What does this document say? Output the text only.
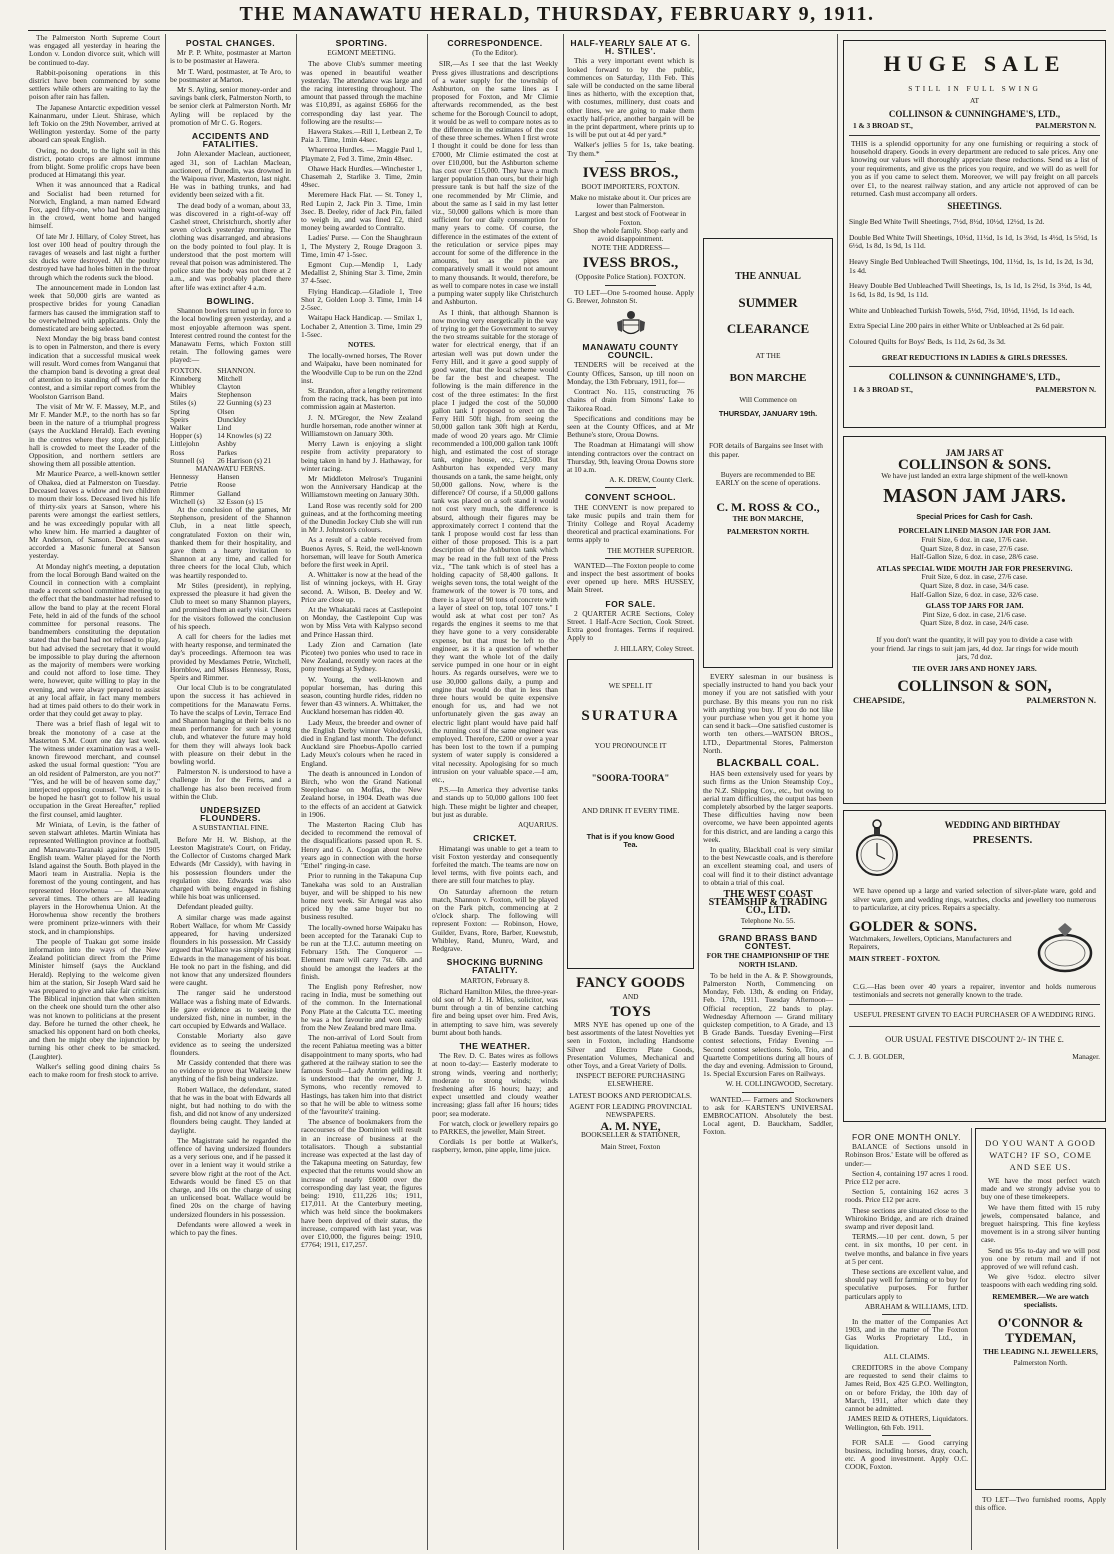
THE MANAWATU HERALD, THURSDAY, FEBRUARY 9, 1911.

The Palmerston North Supreme Court was engaged all yesterday in hearing the London v. London divorce suit, which will be continued to-day.

Rabbit-poisoning operations in this district have been commenced by some settlers while others are waiting to lay the poison after rain has fallen.

The Japanese Antarctic expedition vessel Kainanmaru, under Lieut. Shirase, which left Tokio on the 29th November, arrived at Wellington yesterday. Some of the party aboard can speak English.

Owing, no doubt, to the light soil in this district, potato crops are almost immune from blight. Some prolific crops have been produced at Himatangi this year.

When it was announced that a Radical and Socialist had been returned for Norwich, England, a man named Edward Fox, aged fifty-one, who had been waiting in the crowd, went home and hanged himself.

Of late Mr J. Hillary, of Coley Street, has lost over 100 head of poultry through the ravages of weasels and last night a further six ducks were destroyed. All the poultry destroyed have had holes bitten in the throat through which the rodents suck the blood.

The announcement made in London last week that 50,000 girls are wanted as prospective brides for young Canadian farmers has caused the immigration staff to be overwhelmed with applicants. Only the domesticated are being selected.

Next Monday the big brass band contest is to open in Palmerston, and there is every indication that a successful musical week will result. Word comes from Wanganui that the champion band is devoting a great deal of attention to its standing off work for the contest, and a similar report comes from the Woolston Garrison Band.

The visit of Mr W. F. Massey, M.P., and Mr F. Mander M.P., to the north has so far been in the nature of a triumphal progress (says the Auckland Herald). Each evening in the centres where they stop, the public hall is crowded to meet the Leader of the Opposition, and northern settlers are showing them all possible attention.

Mr Maurice Pearce, a well-known settler of Ohakea, died at Palmerston on Tuesday. Deceased leaves a widow and two children to mourn their loss. Deceased lived his life of thirty-six years at Sanson, where his parents were amongst the earliest settlers, and he was exceedingly popular with all who knew him. He married a daughter of Mr Anderson, of Sanson. Deceased was accorded a Masonic funeral at Sanson yesterday.

At Monday night's meeting, a deputation from the local Borough Band waited on the Council in connection with a complaint made a recent school committee meeting to the effect that the bandmaster had refused to allow the band to play at the recent Floral Fete, held in aid of the funds of the school committee for personal reasons. The bandmembers constituting the deputation stated that the band had not refused to play, but had advised the secretary that it would be impossible to play during the afternoon as the majority of members were working and could not afford to lose time. They were, however, quite willing to play in the evening, and were alway prepared to assist at any local affair, in fact many members had at times paid others to do their work in order that they could get away to play.

There was a brief flash of legal wit to break the monotony of a case at the Masterton S.M. Court one day last week. The witness under examination was a well-known firewood merchant, and counsel asked the usual formal question: "You are an old resident of Palmerston, are you not?" "Yes, and he will be of heaven some day," interjected opposing counsel. "Well, it is to be hoped he hasn't got to follow his usual occupation in the Great Hereafter," replied the first counsel, amid laughter.

Mr Winiata, of Levin, is the father of seven stalwart athletes. Martin Winiata has represented Wellington province at football, and Manawatu-Taranaki against the 1905 English team. Walter played for the North Island against the South. Both played in the Maori team in Australia. Nepia is the foremost of the young contingent, and has represented Horowhenua — Manawatu several times. The others are all leading players in the Horowhenua Union. At the Horowhenua show recently the brothers were prominent prize-winners with their stock, and in championships.

The people of Tuakau got some inside information into the ways of the New Zealand politician direct from the Prime Minister himself (says the Auckland Herald). Replying to the welcome given him at the station, Sir Joseph Ward said he was prepared to give and take fair criticism. The Biblical injunction that when smitten on the cheek one should turn the other also was not known to politicians at the present day. Before he turned the other cheek, he smacked his opponent hard on both cheeks, and then he might obey the injunction by turning his other cheek to be smacked. (Laughter).

Walker's selling good dining chairs 5s each to make room for fresh stock to arrive.

POSTAL CHANGES.

Mr P. P. White, postmaster at Marton is to be postmaster at Hawera.

Mr T. Ward, postmaster, at Te Aro, to be postmaster at Marton.

Mr S. Ayling, senior money-order and savings bank clerk, Palmerston North, to be senior clerk at Palmerston North. Mr Ayling will be replaced by the promotion of Mr C. G. Rogers.

ACCIDENTS AND FATALITIES.

John Alexander Maclean, auctioneer, aged 31, son of Lachlan Maclean, auctioneer, of Dunedin, was drowned in the Waipoua river, Masterton, last night. He was in bathing trunks, and had evidently been seized with a fit.

The dead body of a woman, about 33, was discovered in a right-of-way off Cashel street, Christchurch, shortly after seven o'clock yesterday morning. The clothing was disarranged, and abrasions on the body pointed to foul play. It is understood that the post mortem will reveal that poison was administered. The police state the body was not there at 2 a.m., and was probably placed there after life was extinct after 4 a.m.

BOWLING.

Shannon bowlers turned up in force to the local bowling green yesterday, and a most enjoyable afternoon was spent. Interest centred round the contest for the Manawatu Ferns, which Foxton still retain. The following games were played:—

FOXTON.	SHANNON.
Kinneberg	Mitchell
Whibley	Clayton
Mairs	Stephenson
Stiles (s)	22 Gunning (s) 23
Spring	Olsen
Speirs	Dunckley
Walker	Lind
Hopper (s)	14 Knowles (s) 22
Littlejohn	Ashby
Ross	Parkes
Stunnell (s)	26 Harrison (s) 21
MANAWATU FERNS.	
Hennessy	Hansen
Petrie	Roose
Rimmer	Galland
Witchell (s)	32 Esson (s) 15

At the conclusion of the games, Mr Stephenson, president of the Shannon Club, in a neat little speech, congratulated Foxton on their win, thanked them for their hospitality, and gave them a hearty invitation to Shannon at any time, and called for three cheers for the local Club, which was heartily responded to.

Mr Stiles (president), in replying, expressed the pleasure it had given the Club to meet so many Shannon players, and promised them an early visit. Cheers for the visitors followed the conclusion of his speech.

A call for cheers for the ladies met with hearty response, and terminated the day's proceedings. Afternoon tea was provided by Mesdames Petrie, Witchell, Hornblow, and Misses Hennessy, Ross, Speirs and Rimmer.

Our local Club is to be congratulated upon the success it has achieved in competitions for the Manawatu Ferns. To have the scalps of Levin, Terrace End and Shannon hanging at their belts is no mean performance for such a young club, and whatever the future may hold for them they will always look back with pleasure on their debut in the bowling world.

Palmerston N. is understood to have a challenge in for the Ferns, and a challenge has also been received from within the Club.

UNDERSIZED FLOUNDERS.
A SUBSTANTIAL FINE.

Before Mr H. W. Bishop, at the Leeston Magistrate's Court, on Friday, the Collector of Customs charged Mark Edwards (Mr Cassidy), with having in his possession flounders under the regulation size. Edwards was also charged with being engaged in fishing while his boat was unlicensed.

Defendant pleaded guilty.

A similar charge was made against Robert Wallace, for whom Mr Cassidy appeared, for having undersized flounders in his possession. Mr Cassidy argued that Wallace was simply assisting Edwards in the management of his boat. He took no part in the fishing, and did not know that any undersized flounders were caught.

The ranger said he understood Wallace was a fishing mate of Edwards. He gave evidence as to seeing the undersized fish, nine in number, in the cart occupied by Edwards and Wallace.

Constable Moriarty also gave evidence as to seeing the undersized flounders.

Mr Cassidy contended that there was no evidence to prove that Wallace knew anything of the fish being undersize.

Robert Wallace, the defendant, stated that he was in the boat with Edwards all night, but had nothing to do with the fish, and did not know of any undersized flounders being caught. They landed at daylight.

The Magistrate said he regarded the offence of having undersized flounders as a very serious one, and if he passed it over in a lenient way it would strike a severe blow right at the root of the Act. Edwards would be fined £5 on that charge, and 10s on the charge of using an unlicensed boat. Wallace would be fined 20s on the charge of having undersized flounders in his possession.

Defendants were allowed a week in which to pay the fines.

SPORTING.
EGMONT MEETING.

The above Club's summer meeting was opened in beautiful weather yesterday. The attendance was large and the racing interesting throughout. The amount that passed through the machine was £10,891, as against £6866 for the corresponding day last year. The following are the results:—

Hawera Stakes.—Rill 1, Letbean 2, Te Paia 3. Time, 1min 44sec.

Whareroa Hurdles. — Maggie Paul 1, Playmate 2, Fed 3. Time, 2min 48sec.

Ohawe Hack Hurdles.—Winchester 1, Chasemah 2, Starlike 3. Time, 2min 49sec.

Meremere Hack Flat. — St. Toney 1, Red Lupin 2, Jack Pin 3. Time, 1min 3sec. B. Deeley, rider of Jack Pin, failed to weigh in, and was fined £2, third money being awarded to Contralto.

Ladies' Purse. — Con the Shaughraun 1, The Mystery 2, Rouge Dragoon 3. Time, 1min 47 1-5sec.

Egmont Cup.—Mendip 1, Lady Medallist 2, Shining Star 3. Time, 2min 37 4-5sec.

Flying Handicap.—Gladiole 1, Tree Shot 2, Golden Loop 3. Time, 1min 14 2-5sec.

Waitapu Hack Handicap. — Smilax 1, Lochaber 2, Attention 3. Time, 1min 29 1-5sec.

NOTES.

The locally-owned horses, The Rover and Waipaku, have been nominated for the Woodville Cup to be run on the 22nd inst.

St. Brandon, after a lengthy retirement from the racing track, has been put into commission again at Masterton.

J. N. M'Gregor, the New Zealand hurdle horseman, rode another winner at Williamstown on January 30th.

Merry Lawn is enjoying a slight respite from activity preparatory to being taken in hand by J. Hathaway, for winter racing.

Mr Middleton Melrose's Truganini won the Anniversary Handicap at the Williamstown meeting on January 30th.

Land Rose was recently sold for 200 guineas, and at the forthcoming meeting of the Dunedin Jockey Club she will run in Mr J. Johnston's colours.

As a result of a cable received from Buenos Ayres, S. Reid, the well-known horseman, will leave for South America before the first week in April.

A. Whittaker is now at the head of the list of winning jockeys, with H. Gray second. A. Wilson, B. Deeley and W. Price are close up.

At the Whakataki races at Castlepoint on Monday, the Castlepoint Cup was won by Miss Veta with Kalypso second and Prince Hassan third.

Lady Zion and Carnation (late Picotee) two ponies who used to race in New Zealand, recently won races at the pony meetings at Sydney.

W. Young, the well-known and popular horseman, has during this season, counting hurdle rides, ridden no fewer than 43 winners. A. Whittaker, the Auckland horseman has ridden 40.

Lady Meux, the breeder and owner of the English Derby winner Volodyovski, died in England last month. The defunct Auckland sire Phoebus-Apollo carried Lady Meux's colours when he raced in England.

The death is announced in London of Birch, who won the Grand National Steeplechase on Moffas, the New Zealand horse, in 1904. Death was due to the effects of an accident at Gatwick in 1906.

The Masterton Racing Club has decided to recommend the removal of the disqualifications passed upon R. S. Henry and G. A. Coogan about twelve years ago in connection with the horse "Ethel" ringing-in case.

Prior to running in the Takapuna Cup Tanekaha was sold to an Australian buyer, and will be shipped to his new home next week. Sir Artegal was also priced by the same buyer but no business resulted.

The locally-owned horse Waipaku has been accepted for the Taranaki Cup to be run at the T.J.C. autumn meeting on February 15th. The Conqueror — Element mare will carry 7st. 6lb. and should be amongst the leaders at the finish.

The English pony Refresher, now racing in India, must be something out of the common. In the International Pony Plate at the Calcutta T.C. meeting he was a hot favourite and won easily from the New Zealand bred mare Ilma.

The non-arrival of Lord Soult from the recent Pahiatua meeting was a bitter disappointment to many sports, who had gathered at the railway station to see the famous Soult—Lady Antrim gelding. It is understood that the owner, Mr J. Symons, who recently removed to Hastings, has taken him into that district so that he will be able to witness some of the 'favourite's' training.

The absence of bookmakers from the racecourses of the Dominion will result in an increase of business at the totalisators. Though a substantial increase was expected at the last day of the Takapuna meeting on Saturday, few expected that the returns would show an increase of nearly £6000 over the corresponding day last year, the figures being: 1910, £11,226 10s; 1911, £17,011. At the Canterbury meeting, which was held since the bookmakers have been deprived of their status, the increase, compared with last year, was over £10,000, the figures being: 1910, £7764; 1911, £17,257.

CORRESPONDENCE.
(To the Editor).

SIR,—As I see that the last Weekly Press gives illustrations and descriptions of a water supply for the township of Ashburton, on the same lines as I proposed for Foxton, and Mr Climie afterwards recommended, as the best scheme for the Borough Council to adopt, it would be as well to compare notes as to the difference in the estimates of the cost of these three schemes. When I first wrote I thought it could be done for less than £7000, Mr Climie estimated the cost at over £10,000, but the Ashburton scheme has cost over £15,000. They have a much larger population than ours, but their high pressure tank is but half the size of the one recommended by Mr Climie, and about the same as I said in my last letter viz., 50,000 gallons which is more than sufficient for our daily consumption for many years to come. Of course, the difference in the estimates of the extent of the reticulation or service pipes may account for some of the difference in the amounts, but as the pipes are comparatively small it would not amount to many thousands. It would, therefore, be as well to compare notes in case we install a pumping water supply like Christchurch and Ashburton.

As I think, that although Shannon is now moving very energetically in the way of trying to get the Government to survey the two streams suitable for the storage of water for electrical energy, that if an artesian well was put down under the Ferry Hill, and it gave a good supply of good water, that the local scheme would be far the best and cheapest. The following is the main difference in the cost of the three estimates: In the first place I judged the cost of the 50,000 gallon tank I proposed to erect on the Ferry Hill 50ft high, from seeing the 50,000 gallon tank 30ft high at Kerdu, made of wood 20 years ago. Mr Climie recommended a 100,000 gallon tank 100ft high, and estimated the cost of storage tank, engine house, etc., £2,500. But Ashburton has expended very many thousands on a tank, the same height, only 50,000 gallons. Now, where is the difference? Of course, if a 50,000 gallons tank was placed on a soft stand it would not cost very much, the difference is absurd, although their figures may be approximately correct I contend that the tank I propose would cost far less than either of those proposed. This is a part description of the Ashburton tank which may be read in the full text of the Press viz., "The tank which is of steel has a holding capacity of 58,400 gallons. It weighs seven tons, the total weight of the framework of the tower is 70 tons, and there is a layer of 90 tons of concrete with a layer of steel on top, total 107 tons." I would ask at what cost per ton? As regards the engines it seems to me that they have gone to a very considerable expense, but that must be left to the engineer, as it is a question of whether they want the whole lot of the daily service pumped in one hour or in eight hours. As regards ourselves, were we to use 30,000 gallons daily, a pump and engine that would do that in less than three hours would be quite expensive enough for us, and had we not unfortunately given the gas away an electric light plant would have paid half the running cost if the same engineer was employed. Therefore, £200 or over a year has been lost to the town if a pumping system of water supply is considered a vital necessity. Apologising for so much intrusion on your valuable space.—I am, etc.,

P.S.—In America they advertise tanks and stands up to 50,000 gallons 100 feet high. These might be lighter and cheaper, but just as durable.

AQUARIUS.
CRICKET.

Himatangi was unable to get a team to visit Foxton yesterday and consequently forfeited the match. The teams are now on level terms, with five points each, and there are still four matches to play.

On Saturday afternoon the return match, Shannon v. Foxton, will be played on the Park pitch, commencing at 2 o'clock sharp. The following will represent Foxton: — Robinson, Howe, Guilder, Evans, Rore, Barber, Kuewstub, Whibley, Rand, Munro, Ward, and Redgrave.

SHOCKING BURNING FATALITY.
MARTON, February 8.

Richard Hamilton Miles, the three-year-old son of Mr J. H. Miles, solicitor, was burnt through a tin of benzine catching fire and being upset over him. Fred Avis, in attempting to save him, was severely burnt about both hands.

THE WEATHER.

The Rev. D. C. Bates wires as follows at noon to-day:— Easterly moderate to strong winds, veering and northerly; moderate to strong winds; winds freshening after 16 hours; hazy; and expect unsettled and cloudy weather increasing; glass fall after 16 hours; tides poor; sea moderate.

For watch, clock or jewellery repairs go to PARKES, the jeweller, Main Street.

Cordials 1s per bottle at Walker's, raspberry, lemon, pine apple, lime juice.

HALF-YEARLY SALE AT G. H. STILES'.

This a very important event which is looked forward to by the public, commences on Saturday, 11th Feb. This sale will be conducted on the same liberal lines as hitherto, with the exception that, with costumes, millinery, dust coats and other lines, we are going to make them exactly half-price, another bargain will be in the print department, where prints up to 1s will be put out at 4d per yard.*

Walker's jellies 5 for 1s, take beating. Try them.*

IVESS BROS.,
BOOT IMPORTERS, FOXTON.
Make no mistake about it. Our prices are lower than Palmerston.
Largest and best stock of Footwear in Foxton.
Shop the whole family. Shop early and avoid disappointment.
NOTE THE ADDRESS—
IVESS BROS.,
(Opposite Police Station). FOXTON.

TO LET—One 5-roomed house. Apply G. Brewer, Johnston St.

MANAWATU COUNTY COUNCIL.

TENDERS will be received at the County Offices, Sanson, up till noon on Monday, the 13th February, 1911, for—

Contract No. 115, constructing 76 chains of drain from Simons' Lake to Taikorea Road.

Specifications and conditions may be seen at the County Offices, and at Mr Bethune's store, Oroua Downs.

The Roadman at Himatangi will show intending contractors over the contract on Thursday, 9th, leaving Oroua Downs store at 10 a.m.

A. K. DREW, County Clerk.
CONVENT SCHOOL.

THE CONVENT is now prepared to take music pupils and train them for Trinity College and Royal Academy theoretical and practical examinations. For terms apply to

THE MOTHER SUPERIOR.

WANTED—The Foxton people to come and inspect the best assortment of books ever opened up here. MRS HUSSEY, Main Street.

FOR SALE.

2 QUARTER ACRE Sections, Coley Street. 1 Half-Acre Section, Cook Street. Extra good frontages. Terms if required. Apply to

J. HILLARY, Coley Street.
WE SPELL IT
SURATURA
YOU PRONOUNCE IT
"SOORA-TOORA"
AND DRINK IT EVERY TIME.
That is if you know Good Tea.
FANCY GOODS
AND
TOYS

MRS NYE has opened up one of the best assortments of the latest Novelties yet seen in Foxton, including Handsome Silver and Electro Plate Goods, Presentation Volumes, Mechanical and other Toys, and a Great Variety of Dolls.

INSPECT BEFORE PURCHASING ELSEWHERE.
LATEST BOOKS AND PERIODICALS.
AGENT FOR LEADING PROVINCIAL NEWSPAPERS.
A. M. NYE,
BOOKSELLER & STATIONER,
Main Street, Foxton
THE ANNUAL
SUMMER
CLEARANCE
AT THE
BON MARCHE
Will Commence on
THURSDAY, JANUARY 19th.
FOR details of Bargains see Inset with this paper.
Buyers are recommended to BE EARLY on the scene of operations.
C. M. ROSS & CO.,
THE BON MARCHE,
PALMERSTON NORTH.

EVERY salesman in our business is specially instructed to hand you back your money if you are not satisfied with your purchase. By this means you run no risk with anything you buy. If you do not like your purchase when you get it home you can send it back—One satisfied customer is worth ten others.—WATSON BROS., LTD., Departmental Stores, Palmerston North.

BLACKBALL COAL.

HAS been extensively used for years by such firms as the Union Steamship Coy., the N.Z. Shipping Coy., etc., but owing to aerial tram difficulties, the output has been completely absorbed by the larger seaports. These difficulties having now been overcome, we have been appointed agents for this district, and are landing a cargo this week.

In quality, Blackball coal is very similar to the best Newcastle coals, and is therefore an excellent steaming coal, and users of coal will find it to their distinct advantage to obtain a trial of this coal.

THE WEST COAST
STEAMSHIP & TRADING CO., LTD.
Telephone No. 55.
GRAND BRASS BAND CONTEST.
FOR THE CHAMPIONSHIP OF THE NORTH ISLAND.

To be held in the A. & P. Showgrounds, Palmerston North, Commencing on Monday, Feb. 13th, & ending on Friday, Feb. 17th, 1911. Tuesday Afternoon—Official reception, 22 bands to play. Wednesday Afternoon — Grand military quickstep competition, to A Grade, and 13 B Grade Bands. Tuesday Evening—First contest selections, Friday Evening — Second contest selections. Solo, Trio, and Quartette Competitions during all hours of the day and evening. Admission to Ground, 1s. Special Excursion Fares on Railways.

W. H. COLLINGWOOD, Secretary.

WANTED.— Farmers and Stockowners to ask for KARSTEN'S UNIVERSAL EMBROCATION. Absolutely the best. Local agent, D. Bauckham, Saddler, Foxton.

HUGE SALE
STILL IN FULL SWING
AT
COLLINSON & CUNNINGHAME'S, LTD.,
1 & 3 BROAD ST.,	PALMERSTON N.

THIS is a splendid opportunity for any one furnishing or requiring a stock of household drapery. Goods in every department are reduced to sale prices. Any one knowing our values will thoroughly appreciate these reductions. Send us a list of your requirements, and give us the prices you require, and we will do as well for you as if you came to select them. Moreover, we will pay freight on all parcels over £1, to the nearest railway station, and any article not approved of can be returned. Cash must accompany all orders.

SHEETINGS.

Single Bed White Twill Sheetings, 7½d, 8½d, 10½d, 12½d, 1s 2d.

Double Bed White Twill Sheetings, 10½d, 11½d, 1s 1d, 1s 3½d, 1s 4½d, 1s 5½d, 1s 6½d, 1s 8d, 1s 9d, 1s 11d.

Heavy Single Bed Unbleached Twill Sheetings, 10d, 11½d, 1s, 1s 1d, 1s 2d, 1s 3d, 1s 4d.

Heavy Double Bed Unbleached Twill Sheetings, 1s, 1s 1d, 1s 2½d, 1s 3½d, 1s 4d, 1s 6d, 1s 8d, 1s 9d, 1s 11d.

White and Unbleached Turkish Towels, 5½d, 7½d, 10½d, 11½d, 1s 1d each.

Extra Special Line 200 pairs in either White or Unbleached at 2s 6d pair.

Coloured Quilts for Boys' Beds, 1s 11d, 2s 6d, 3s 3d.

GREAT REDUCTIONS IN LADIES & GIRLS DRESSES.
COLLINSON & CUNNINGHAME'S, LTD.,
1 & 3 BROAD ST.,	PALMERSTON N.
JAM JARS AT
COLLINSON & SONS.
We have just landed an extra large shipment of the well-known
MASON JAM JARS.
Special Prices for Cash for Cash.
PORCELAIN LINED MASON JAR FOR JAM.
Fruit Size, 6 doz. in case, 17/6 case.
Quart Size, 8 doz. in case, 27/6 case.
Half-Gallon Size, 6 doz. in case, 28/6 case.
ATLAS SPECIAL WIDE MOUTH JAR FOR PRESERVING.
Fruit Size, 6 doz. in case, 27/6 case.
Quart Size, 8 doz. in case, 34/6 case.
Half-Gallon Size, 6 doz. in case, 32/6 case.
GLASS TOP JARS FOR JAM.
Pint Size, 6 doz. in case, 21/6 case.
Quart Size, 8 doz. in case, 24/6 case.
If you don't want the quantity, it will pay you to divide a case with your friend. Jar rings to suit jam jars, 4d doz. Jar rings for wide mouth jars, 7d doz.
TIE OVER JARS AND HONEY JARS.
COLLINSON & SON,
CHEAPSIDE,	PALMERSTON N.
WEDDING AND BIRTHDAY
PRESENTS.

WE have opened up a large and varied selection of silver-plate ware, gold and silver ware, gem and wedding rings, watches, clocks and jewellery too numerous to particularize, at city prices. Repairs a specialty.

GOLDER & SONS.
Watchmakers, Jewellers, Opticians, Manufacturers and Repairers,
MAIN STREET - FOXTON.

C.G.—Has been over 40 years a repairer, inventor and holds numerous testimonials and secrets not generally known to the trade.

USEFUL PRESENT GIVEN TO EACH PURCHASER OF A WEDDING RING.
OUR USUAL FESTIVE DISCOUNT 2/- IN THE £.
C. J. B. GOLDER,	Manager.
FOR ONE MONTH ONLY.

BALANCE of Sections unsold in Robinson Bros.' Estate will be offered as under:—

Section 4, containing 197 acres 1 rood. Price £12 per acre.

Section 5, containing 162 acres 3 roods. Price £12 per acre.

These sections are situated close to the Whirokino Bridge, and are rich drained swamp and river deposit land.

TERMS.—10 per cent. down, 5 per cent. in six months, 10 per cent. in twelve months, and balance in five years at 5 per cent.

These sections are excellent value, and should pay well for farming or to buy for speculative purposes. For further particulars apply to

ABRAHAM & WILLIAMS, LTD.

In the matter of the Companies Act 1903, and in the matter of The Foxton Gas Works Proprietary Ltd., in liquidation.

ALL CLAIMS.

CREDITORS in the above Company are requested to send their claims to James Reid, Box 425 G.P.O. Wellington, on or before Friday, the 10th day of March, 1911, after which date they cannot be admitted.

JAMES REID & OTHERS, Liquidators.
Wellington, 6th Feb. 1911.

FOR SALE — Good carrying business, including horses, dray, coach, etc. A good investment. Apply O.C. COOK, Foxton.

DO YOU WANT A GOOD WATCH? IF SO, COME AND SEE US.

WE have the most perfect watch made and we strongly advise you to buy one of these timekeepers.

We have them fitted with 15 ruby jewels, compensated balance, and breguet hairspring. This fine keyless movement is in a strong silver hunting case.

Send us 95s to-day and we will post you one by return mail and if not approved of we will refund cash.

We give ½doz. electro silver teaspoons with each wedding ring sold.

REMEMBER.—We are watch specialists.
O'CONNOR &
TYDEMAN,
THE LEADING N.I. JEWELLERS,
Palmerston North.

TO LET—Two furnished rooms, Apply this office.
